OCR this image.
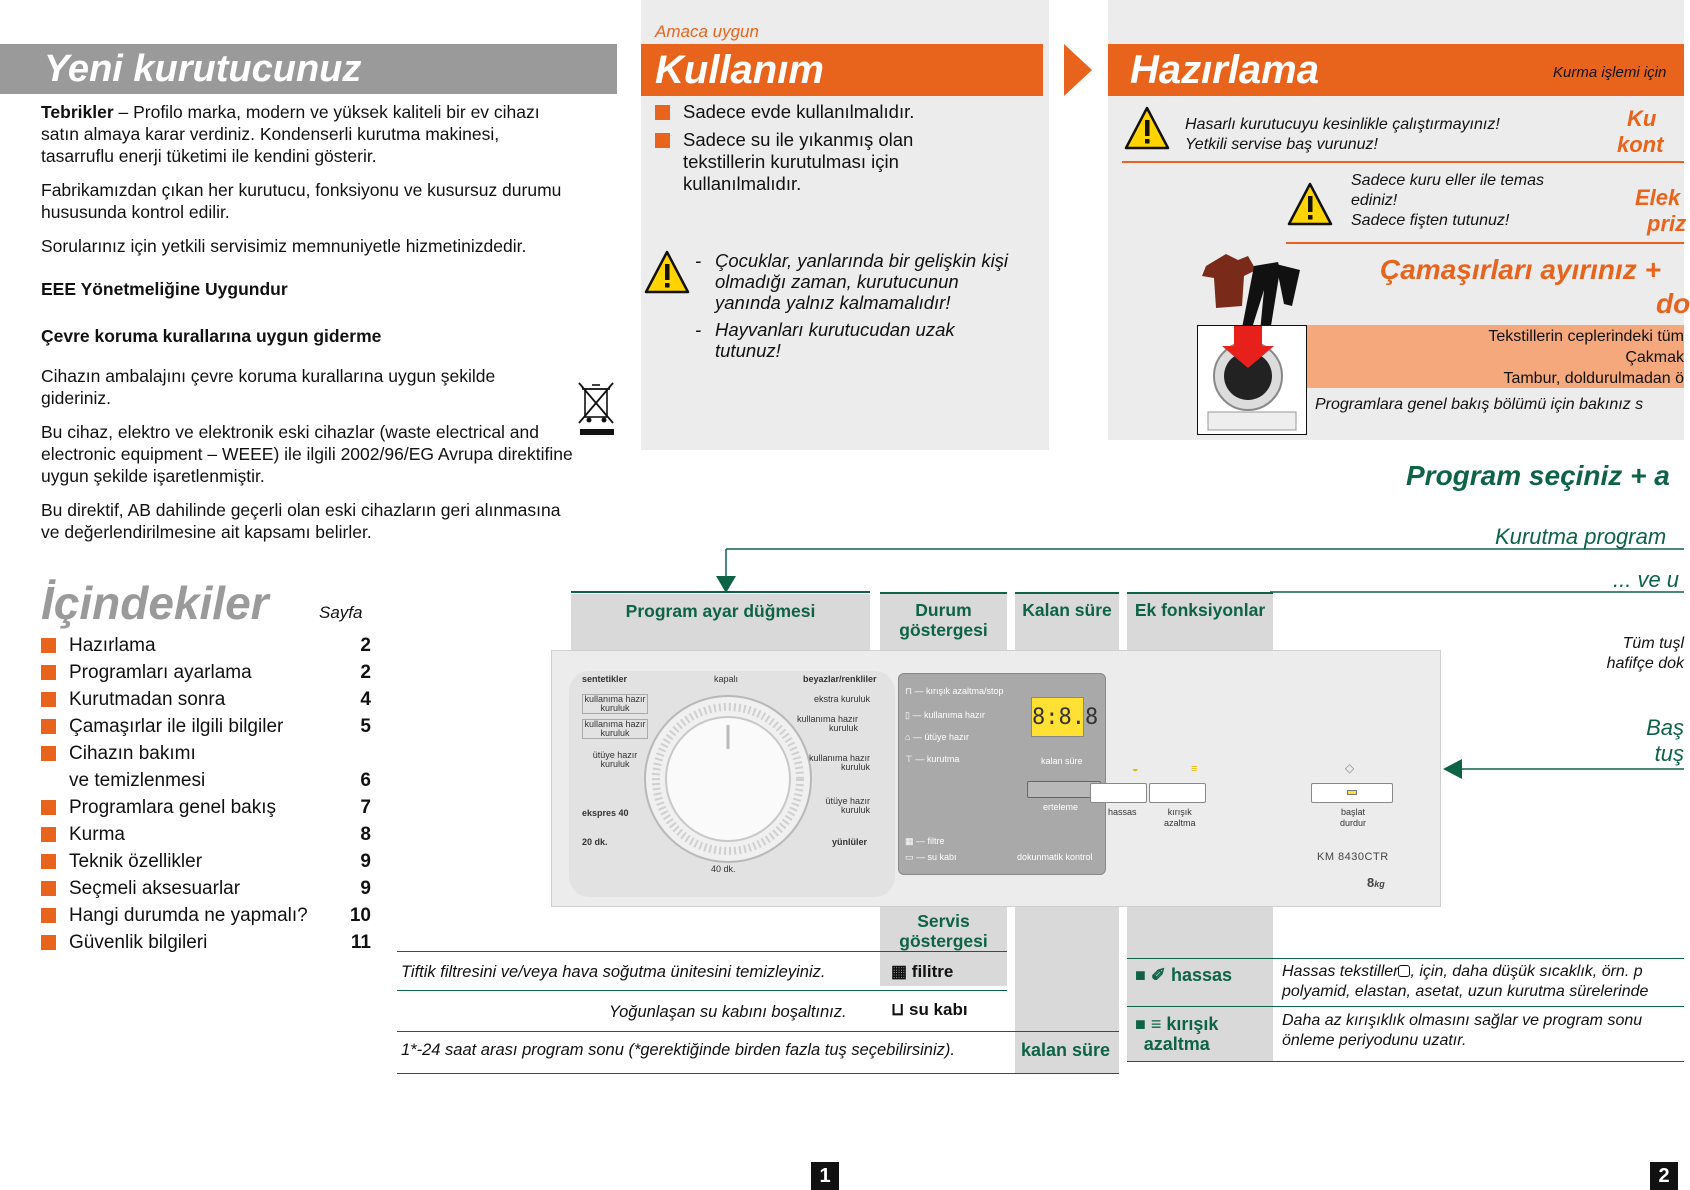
Yeni kurutucunuz

Tebrikler – Profilo marka, modern ve yüksek kaliteli bir ev cihazı satın almaya karar verdiniz. Kondenserli kurutma makinesi, tasarruflu enerji tüketimi ile kendini gösterir.

Fabrikamızdan çıkan her kurutucu, fonksiyonu ve kusursuz durumu hususunda kontrol edilir.

Sorularınız için yetkili servisimiz memnuniyetle hizmetinizdedir.

EEE Yönetmeliğine Uygundur
Çevre koruma kurallarına uygun giderme

Cihazın ambalajını çevre koruma kurallarına uygun şekilde gideriniz.

Bu cihaz, elektro ve elektronik eski cihazlar (waste electrical and electronic equipment – WEEE) ile ilgili 2002/96/EG Avrupa direktifine uygun şekilde işaretlenmiştir.

Bu direktif, AB dahilinde geçerli olan eski cihazların geri alınmasına ve değerlendirilmesine ait kapsamı belirler.

İçindekiler	Sayfa
Hazırlama	2
Programları ayarlama	2
Kurutmadan sonra	4
Çamaşırlar ile ilgili bilgiler	5
Cihazın bakımı
ve temizlenmesi	6
Programlara genel bakış	7
Kurma	8
Teknik özellikler	9
Seçmeli aksesuarlar	9
Hangi durumda ne yapmalı? 10
Güvenlik bilgileri	11
Amaca uygun
Kullanım
Sadece evde kullanılmalıdır.
Sadece su ile yıkanmış olan tekstillerin kurutulması için kullanılmalıdır.
- Çocuklar, yanlarında bir gelişkin kişi olmadığı zaman, kurutucunun yanında yalnız kalmamalıdır!
- Hayvanları kurutucudan uzak tutunuz!
Hazırlama	Kurma işlemi için
Hasarlı kurutucuyu kesinlikle çalıştırmayınız!
Yetkili servise baş vurunuz!
Ku
kont
Sadece kuru eller ile temas
ediniz!
Sadece fişten tutunuz!
Elek
priz
Çamaşırları ayırınız +
do
Tekstillerin ceplerindeki tüm
Çakmak
Tambur, doldurulmadan ö
Programlara genel bakış bölümü için bakınız s
Program seçiniz + a
Kurutma program
... ve u
Tüm tuşl
hafifçe dok
Baş
tuş
Program ayar düğmesi	Durum
göstergesi
Kalan süre	Ek fonksiyonlar
sentetikler	kapalı	beyazlar/renkliler
kullanıma hazır kuruluk
kullanıma hazır kuruluk
ütüye hazır kuruluk
ekspres 40
20 dk.
40 dk.
ekstra kuruluk
kullanıma hazır kuruluk
kullanıma hazır kuruluk
ütüye hazır kuruluk
yünlüler
⊓ — kırışık azaltma/stop
▯ — kullanıma hazır
⌂ — ütüye hazır
⊤ — kurutma
▦ — filtre
▭ — su kabı
8:8.8
kalan süre
erteleme
dokunmatik kontrol
◒
hassas
≡
kırışık
azaltma
◇
başlat
durdur
KM 8430CTR
8kg
Servis
göstergesi
Tiftik filtresini ve/veya hava soğutma ünitesini temizleyiniz.	▦ filitre
Yoğunlaşan su kabını boşaltınız.	⊔ su kabı
1*-24 saat arası program sonu (*gerektiğinde birden fazla tuş seçebilirsiniz).	kalan süre
■ ✐ hassas	Hassas tekstiller , için, daha düşük sıcaklık, örn. p
polyamid, elastan, asetat, uzun kurutma sürelerinde
■ ≡ kırışık
azaltma
Daha az kırışıklık olmasını sağlar ve program sonu
önleme periyodunu uzatır.
1	2
